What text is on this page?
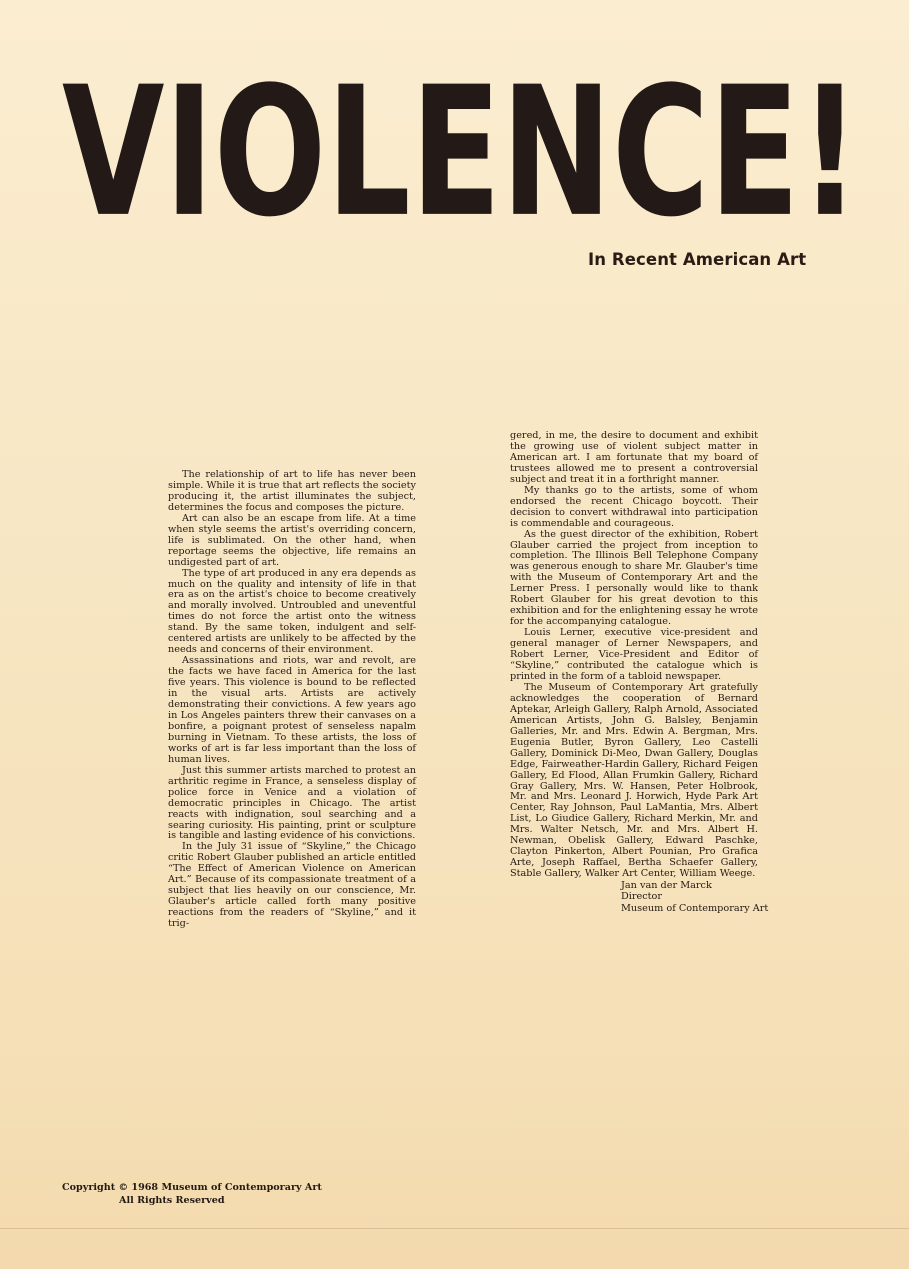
VIOLENCE!
In Recent American Art

The relationship of art to life has never been simple. While it is true that art reflects the society producing it, the artist illuminates the subject, determines the focus and composes the picture.

Art can also be an escape from life. At a time when style seems the artist's overriding concern, life is sublimated. On the other hand, when reportage seems the objective, life remains an undigested part of art.

The type of art produced in any era depends as much on the quality and intensity of life in that era as on the artist's choice to become creatively and morally involved. Untroubled and uneventful times do not force the artist onto the witness stand. By the same token, indulgent and self-centered artists are unlikely to be affected by the needs and concerns of their environment.

Assassinations and riots, war and revolt, are the facts we have faced in America for the last five years. This violence is bound to be reflected in the visual arts. Artists are actively demonstrating their convictions. A few years ago in Los Angeles painters threw their canvases on a bonfire, a poignant protest of senseless napalm burning in Vietnam. To these artists, the loss of works of art is far less important than the loss of human lives.

Just this summer artists marched to protest an arthritic regime in France, a senseless display of police force in Venice and a violation of democratic principles in Chicago. The artist reacts with indignation, soul searching and a searing curiosity. His painting, print or sculpture is tangible and lasting evidence of his convictions.

In the July 31 issue of “Skyline,” the Chicago critic Robert Glauber published an article entitled “The Effect of American Violence on American Art.” Because of its compassionate treatment of a subject that lies heavily on our conscience, Mr. Glauber's article called forth many positive reactions from the readers of “Skyline,” and it trig-

gered, in me, the desire to document and exhibit the growing use of violent subject matter in American art. I am fortunate that my board of trustees allowed me to present a controversial subject and treat it in a forthright manner.

My thanks go to the artists, some of whom endorsed the recent Chicago boycott. Their decision to convert withdrawal into participation is commendable and courageous.

As the guest director of the exhibition, Robert Glauber carried the project from inception to completion. The Illinois Bell Telephone Company was generous enough to share Mr. Glauber's time with the Museum of Contemporary Art and the Lerner Press. I personally would like to thank Robert Glauber for his great devotion to this exhibition and for the enlightening essay he wrote for the accompanying catalogue.

Louis Lerner, executive vice-president and general manager of Lerner Newspapers, and Robert Lerner, Vice-President and Editor of “Skyline,” contributed the catalogue which is printed in the form of a tabloid newspaper.

The Museum of Contemporary Art gratefully acknowledges the cooperation of Bernard Aptekar, Arleigh Gallery, Ralph Arnold, Associated American Artists, John G. Balsley, Benjamin Galleries, Mr. and Mrs. Edwin A. Bergman, Mrs. Eugenia Butler, Byron Gallery, Leo Castelli Gallery, Dominick Di-Meo, Dwan Gallery, Douglas Edge, Fairweather-Hardin Gallery, Richard Feigen Gallery, Ed Flood, Allan Frumkin Gallery, Richard Gray Gallery, Mrs. W. Hansen, Peter Holbrook, Mr. and Mrs. Leonard J. Horwich, Hyde Park Art Center, Ray Johnson, Paul LaMantia, Mrs. Albert List, Lo Giudice Gallery, Richard Merkin, Mr. and Mrs. Walter Netsch, Mr. and Mrs. Albert H. Newman, Obelisk Gallery, Edward Paschke, Clayton Pinkerton, Albert Pounian, Pro Grafica Arte, Joseph Raffael, Bertha Schaefer Gallery, Stable Gallery, Walker Art Center, William Weege.

Jan van der Marck
Director
Museum of Contemporary Art
Copyright © 1968 Museum of Contemporary Art
All Rights Reserved
